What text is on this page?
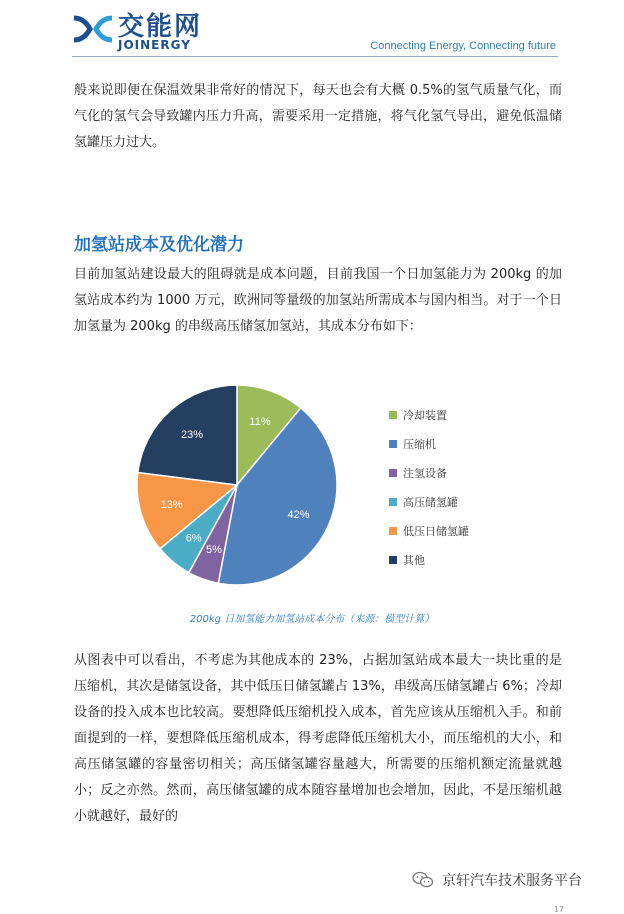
交能网
JOINERGY	Connecting Energy, Connecting future
般来说即便在保温效果非常好的情况下，每天也会有大概 0.5%的氢气质量气化，而气化的氢气会导致罐内压力升高，需要采用一定措施，将气化氢气导出，避免低温储氢罐压力过大。
加氢站成本及优化潜力
目前加氢站建设最大的阻碍就是成本问题，目前我国一个日加氢能力为 200kg 的加氢站成本约为 1000 万元，欧洲同等量级的加氢站所需成本与国内相当。对于一个日加氢量为 200kg 的串级高压储氢加氢站，其成本分布如下：
11%
42%
5%
6%
13%
23%
冷却装置
压缩机
注氢设备
高压储氢罐
低压日储氢罐
其他
200kg 日加氢能力加氢站成本分布（来源：模型计算）
从图表中可以看出，不考虑为其他成本的 23%，占据加氢站成本最大一块比重的是压缩机，其次是储氢设备，其中低压日储氢罐占 13%，串级高压储氢罐占 6%；冷却设备的投入成本也比较高。要想降低压缩机投入成本，首先应该从压缩机入手。和前面提到的一样，要想降低压缩机成本，得考虑降低压缩机大小，而压缩机的大小，和高压储氢罐的容量密切相关；高压储氢罐容量越大，所需要的压缩机额定流量就越小；反之亦然。然而，高压储氢罐的成本随容量增加也会增加，因此，不是压缩机越小就越好，最好的
京轩汽车技术服务平台
17
